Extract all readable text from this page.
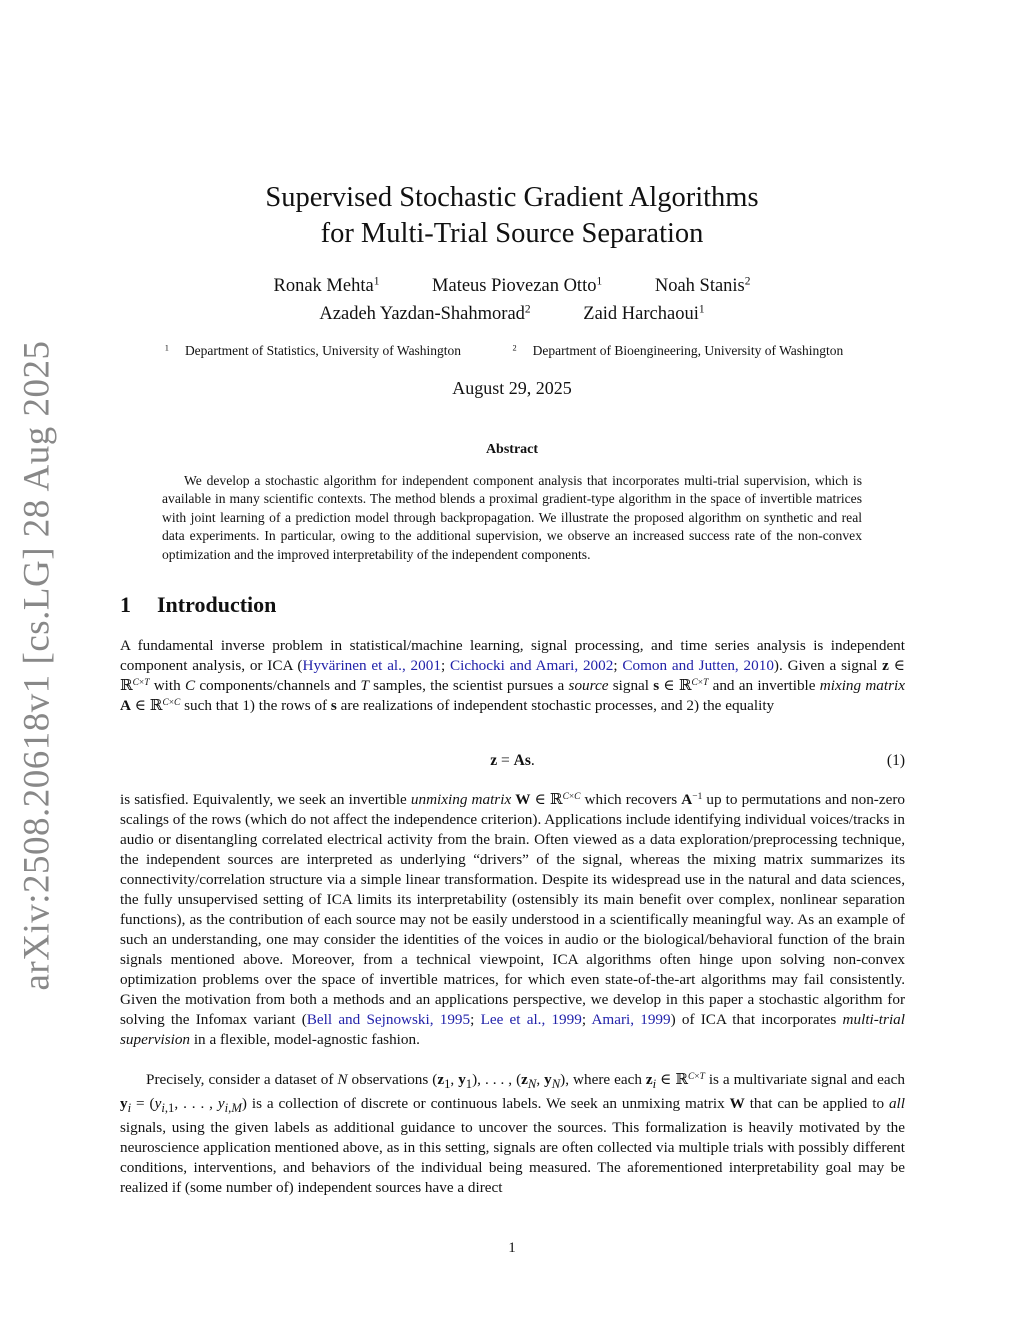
arXiv:2508.20618v1 [cs.LG] 28 Aug 2025
Supervised Stochastic Gradient Algorithms
for Multi-Trial Source Separation
Ronak Mehta$^1$	Mateus Piovezan Otto$^1$	Noah Stanis$^2$
Azadeh Yazdan-Shahmorad$^2$	Zaid Harchaoui$^1$
$^1$ Department of Statistics, University of Washington	$^2$ Department of Bioengineering, University of Washington
August 29, 2025
Abstract

We develop a stochastic algorithm for independent component analysis that incorporates multi-trial supervision, which is available in many scientific contexts. The method blends a proximal gradient-type algorithm in the space of invertible matrices with joint learning of a prediction model through backpropagation. We illustrate the proposed algorithm on synthetic and real data experiments. In particular, owing to the additional supervision, we observe an increased success rate of the non-convex optimization and the improved interpretability of the independent components.

1 Introduction

A fundamental inverse problem in statistical/machine learning, signal processing, and time series analysis is independent component analysis, or ICA (Hyvärinen et al., 2001; Cichocki and Amari, 2002; Comon and Jutten, 2010). Given a signal z ∈ ℝ$^{C\times T}$ with C components/channels and T samples, the scientist pursues a source signal s ∈ ℝ$^{C\times T}$ and an invertible mixing matrix A ∈ ℝ$^{C\times C}$ such that 1) the rows of s are realizations of independent stochastic processes, and 2) the equality

z = As.	(1)

is satisfied. Equivalently, we seek an invertible unmixing matrix W ∈ ℝ$^{C\times C}$ which recovers $A^{-1}$ up to permutations and non-zero scalings of the rows (which do not affect the independence criterion). Applications include identifying individual voices/tracks in audio or disentangling correlated electrical activity from the brain. Often viewed as a data exploration/preprocessing technique, the independent sources are interpreted as underlying “drivers” of the signal, whereas the mixing matrix summarizes its connectivity/correlation structure via a simple linear transformation. Despite its widespread use in the natural and data sciences, the fully unsupervised setting of ICA limits its interpretability (ostensibly its main benefit over complex, nonlinear separation functions), as the contribution of each source may not be easily understood in a scientifically meaningful way. As an example of such an understanding, one may consider the identities of the voices in audio or the biological/behavioral function of the brain signals mentioned above. Moreover, from a technical viewpoint, ICA algorithms often hinge upon solving non-convex optimization problems over the space of invertible matrices, for which even state-of-the-art algorithms may fail consistently. Given the motivation from both a methods and an applications perspective, we develop in this paper a stochastic algorithm for solving the Infomax variant (Bell and Sejnowski, 1995; Lee et al., 1999; Amari, 1999) of ICA that incorporates multi-trial supervision in a flexible, model-agnostic fashion.

Precisely, consider a dataset of N observations ($z_1$, $y_1$), . . . , ($z_N$, $y_N$), where each $z_i$ ∈ ℝ$^{C\times T}$ is a multivariate signal and each $y_i = (y_{i,1}$, . . . , $y_{i,M}$) is a collection of discrete or continuous labels. We seek an unmixing matrix W that can be applied to all signals, using the given labels as additional guidance to uncover the sources. This formalization is heavily motivated by the neuroscience application mentioned above, as in this setting, signals are often collected via multiple trials with possibly different conditions, interventions, and behaviors of the individual being measured. The aforementioned interpretability goal may be realized if (some number of) independent sources have a direct

1
